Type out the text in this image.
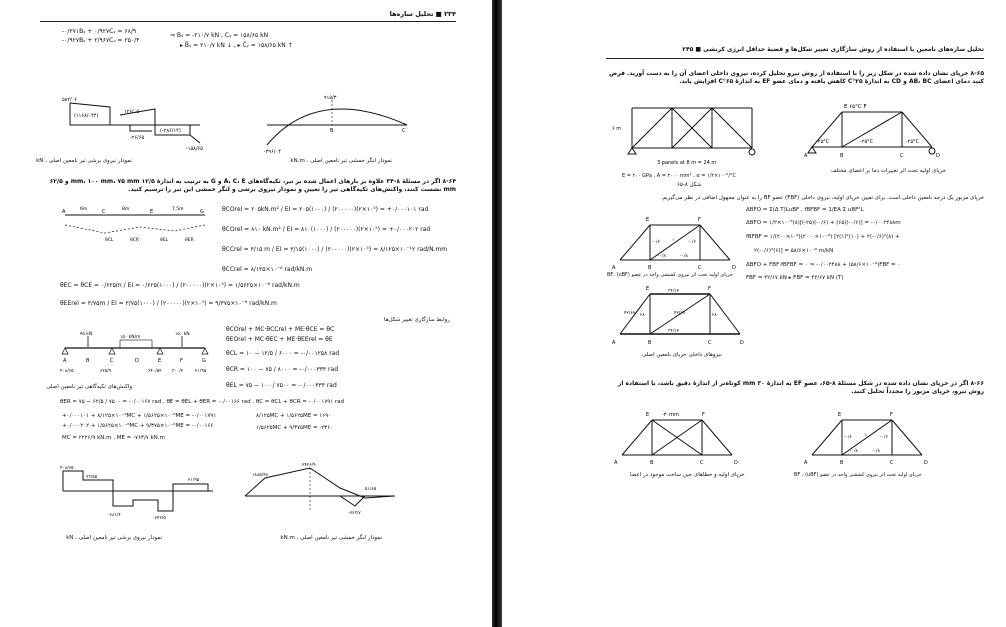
۲۳۴ ■ تحلیل سازه‌ها
-۰/۳۷۱Bᵧ + ۰/۹۲۷Cᵧ = ۶۸/۹
-۰/۹۲۷Bᵧ + ۲/۹۶۷Cᵧ = ۲۵۰/۴
⇒ Bᵧ = -۲۱۰/۷ kN , Cᵧ = ۱۵۸/۶۵ kN
▸ B̄ᵧ = ۲۱۰/۷ kN ↓ , ▸ C̄ᵧ = ۱۵۸/۶۵ kN ↑
۵۸۲/۰۶
۱۲۶/۰۵
(۱۱۶۸/۰۴۴)
(-۲۸۶/۱۴)
-۲۶/۶۵
-۱۵۸/۶۵
نمودار نیروی برشی تیر نامعین اصلی ، kN
۹۱۵/۳
-۳۹۶/۰۴
B	C
نمودار لنگر خمشی تیر نامعین اصلی ، kN.m
۸-۶۴ اگر در مسئلهٔ ۸-۳۴ علاوه بر بارهای اعمال شده بر تیر، تکیه‌گاه‌های A، C، E و G به ترتیب به اندازهٔ ۱۲/۵ mm، ۱۰۰ mm، ۷۵ mm و ۶۲/۵ mm نشست کنند، واکنش‌های تکیه‌گاهی تیر را تعیین و نمودار نیروی برشی و لنگر خمشی این تیر را ترسیم کنید.
A	C	E	G
6m	8m	7.5m
θCL	θCR	θEL	θER
θCOrel = ۲۰۵kN.m² / EI = ۲۰۵(۱۰۰۰) / (۲۰۰۰۰۰)(۲×۱۰⁵) = +۰/۰۰۰۱۰۱ rad
θCOrel = ۸۱۰ kN.m² / EI = ۸۱۰(۱۰۰۰) / (۲۰۰۰۰۰)(۲×۱۰⁵) = +۰/۰۰۰۲۰۲ rad
θCCrel = ۳/۱۵ m / EI = ۳/۱۵(۱۰۰۰) / (۲۰۰۰۰۰)(۲×۱۰⁵) = ۸/۱۲۵×۱۰⁻¹۲ rad/N.mm
θCCrel = ۸/۱۲۵×۱۰⁻⁶ rad/kN.m
θEC = θCE = ۰/۶۲۵m / EI = ۰/۶۲۵(۱۰۰۰) / (۲۰۰۰۰۰)(۲×۱۰⁵) = ۱/۵۶۲۵×۱۰⁻⁶ rad/kN.m
θEErel = ۳/۷۵m / EI = ۳/۷۵(۱۰۰۰) / (۲۰۰۰۰۰)(۲×۱۰⁵) = ۹/۳۷۵×۱۰⁻⁶ rad/kN.m
روابط سازگاری تغییر شکل‌ها
θCOrel + MC·θCCrel + ME·θCE = θC
θEOrel + MC·θEC + ME·θEErel = θE
۴۵ kN
۱۵۰ kN/m
۱۵۰ kN
A	B	C	D	E	F	G
۴۰۸/۶۵	۶۲۵/۹	۶۴۰/۵۴ ۳۰۰/۲	۲۱/۹۵
واکنش‌های تکیه‌گاهی تیر نامعین اصلی
θCL = ۱۰ − ۱۲/۵ / ۶۰۰۰ = -۰/۰۰۱۲۵۸ rad
θCR = ۱۰۰ − ۷۵ / ۸۰۰۰ = -۰/۰۰۰۳۳۳ rad
θEL = ۷۵ − ۱۰۰ / ۷۵۰۰ = -۰/۰۰۰۳۳۳ rad
θER = ۷۵ − ۶۲/۵ / ۷۵۰۰ = -۰/۰۰۱۶۷ rad , θE = θEL + θER = -۰/۰۰۱۶۶ rad , θC = θCL + θCR = -۰/۰۰۱۷۹۱ rad
+۰/۰۰۰۱۰۱ + ۸/۱۲۵×۱۰⁻⁶MC + ۱/۵۶۲۵×۱۰⁻⁶ME = -۰/۰۰۱۷۹۱
+۰/۰۰۰۲۰۲ + ۱/۵۶۲۵×۱۰⁻⁶MC + ۹/۳۷۵×۱۰⁻⁶ME = -۰/۰۰۱۶۶
MC = ۲۲۲۶/۹ kN.m , ME = -۷۶۳/۷ kN.m
۸/۱۲۵MC + ۱/۵۶۲۵ME = ۱۶۹۰
۱/۵۶۲۵MC + ۹/۳۷۵ME = -۲۳۶۰
۴۰۸/۶۵
۶۳/۵۵
-۶۸۱/۴
-۶۴۲/۵
۲۱/۹۵
نمودار نیروی برشی تیر نامعین اصلی ، kN
۲۴۲۶/۹
۱۸۸۵/۹۷
۵۱/۶۵
-۷۶۳/۷
نمودار لنگر خمشی تیر نامعین اصلی ، kN.m
تحلیل سازه‌های نامعین با استفاده از روش سازگاری تغییر شکل‌ها و قضیهٔ حداقل انرژی کرنشی ■ ۲۴۵
۸-۶۵ خرپای نشان داده شده در شکل زیر را با استفاده از روش تیرو تحلیل کرده، نیروی داخلی اعضای آن را به دست آورید. فرض کنید دمای اعضای AB، BC و CD به اندازهٔ ۲۵°C کاهش یافته و دمای عضو EF به اندازهٔ ۶۵°C افزایش یابد.
۶ m
3 panels at 8 m = 24 m
E = ۲۰۰ GPa ، A = ۲۰۰۰ mm² ، α = ۱/۲×۱۰⁻⁵/°C
شکل ۸-۶۵
E ۶۵°C F
-۲۵°C	-۲۵°C	-۲۵°C
A	B	C	D
خرپای اولیه تحت اثر تغییرات دما بر اعضای مختلف
خرپای مزبور یک درجه نامعین داخلی است. برای تعیین خرپای اولیه، نیروی داخلی (FBF) عضو BF را به عنوان مجهول اضافی در نظر می‌گیریم.
E	F
A	B	C	D
-۰/۶
-۰/۸	-۰/۸
-۰/۶
۱
خرپای اولیه تحت اثر نیروی کششی واحد در عضو BF، (uBF)
ΔBFO = Σ(Δ T)LuBF , fBFBF = 1/EA Σ uBF²L
ΔBFO = ۱/۲×۱۰⁻⁵(۸)[(-۲۵)(-۰/۶) + (۶۵)(-۰/۶)] = -۰/۰۰۲۴۸۸m
fBFBF = ۱/(۲۰۰×۱۰⁶)(۲۰۰۰×۱۰⁻⁶) [۲(۱)²(۱۰) + ۲(-۰/۶)²(۸) +
۲(-۰/۶)²(۶)] = ۵۸/۶×۱۰⁻⁶ m/kN
ΔBFO + FBF·fBFBF = ۰ ⇒ -۰/۰۰۲۴۸۸ + (۵۸/۶×۱۰⁻⁶)FBF = ۰
FBF = ۴۲/۶۷ kN ▸ FBF = ۴۲/۶۷ kN (T)
E	F
۳۴/۱۴
۳۴/۱۴
۲۸	۲۸
۴۲/۶۷	۴۲/۶۷
A	B	C	D
نیروهای داخلی خرپای نامعین اصلی
۸-۶۶ اگر در خرپای نشان داده شده در شکل مسئلهٔ ۸-۶۵، عضو EF به اندازهٔ ۳۰ mm کوتاه‌تر از اندازهٔ دقیق باشد، با استفاده از روش تیرو، خرپای مزبور را مجدداً تحلیل کنید.
E	-۳۰mm	F
A	B	C	D
خرپای اولیه و خطاهای حین ساخت موجود در اعضا
E	F
A	B	C	D
-۰/۶
-۰/۸	-۰/۸
-۰/۶
۱
خرپای اولیه تحت اثر نیروی کششی واحد در عضو BF ، (uBF)
